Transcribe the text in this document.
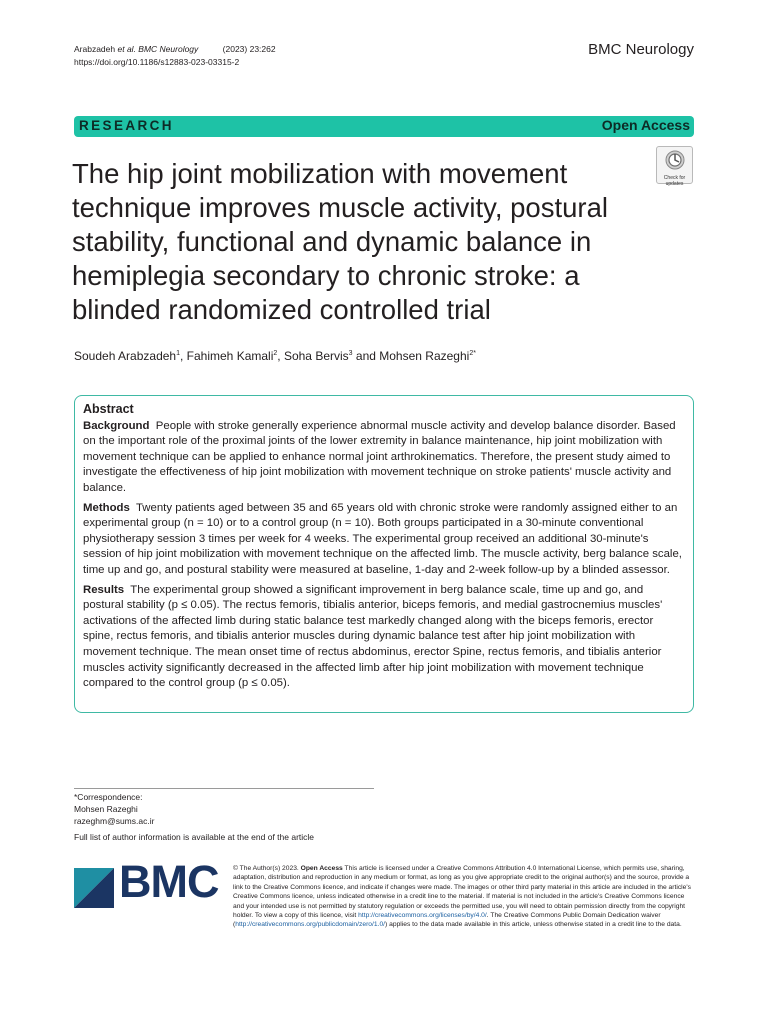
Arabzadeh et al. BMC Neurology	(2023) 23:262
https://doi.org/10.1186/s12883-023-03315-2
BMC Neurology
RESEARCH	Open Access
Check for
updates
The hip joint mobilization with movement technique improves muscle activity, postural stability, functional and dynamic balance in hemiplegia secondary to chronic stroke: a blinded randomized controlled trial
Soudeh Arabzadeh$^1$, Fahimeh Kamali$^2$, Soha Bervis$^3$ and Mohsen Razeghi$^{2*}$
Abstract

Background People with stroke generally experience abnormal muscle activity and develop balance disorder. Based on the important role of the proximal joints of the lower extremity in balance maintenance, hip joint mobilization with movement technique can be applied to enhance normal joint arthrokinematics. Therefore, the present study aimed to investigate the effectiveness of hip joint mobilization with movement technique on stroke patients' muscle activity and balance.

Methods Twenty patients aged between 35 and 65 years old with chronic stroke were randomly assigned either to an experimental group (n = 10) or to a control group (n = 10). Both groups participated in a 30-minute conventional physiotherapy session 3 times per week for 4 weeks. The experimental group received an additional 30-minute's session of hip joint mobilization with movement technique on the affected limb. The muscle activity, berg balance scale, time up and go, and postural stability were measured at baseline, 1-day and 2-week follow-up by a blinded assessor.

Results The experimental group showed a significant improvement in berg balance scale, time up and go, and postural stability (p ≤ 0.05). The rectus femoris, tibialis anterior, biceps femoris, and medial gastrocnemius muscles' activations of the affected limb during static balance test markedly changed along with the biceps femoris, erector spine, rectus femoris, and tibialis anterior muscles during dynamic balance test after hip joint mobilization with movement technique. The mean onset time of rectus abdominus, erector Spine, rectus femoris, and tibialis anterior muscles activity significantly decreased in the affected limb after hip joint mobilization with movement technique compared to the control group (p ≤ 0.05).

*Correspondence:
Mohsen Razeghi
razeghm@sums.ac.ir
Full list of author information is available at the end of the article
BMC © The Author(s) 2023. Open Access This article is licensed under a Creative Commons Attribution 4.0 International License, which permits use, sharing, adaptation, distribution and reproduction in any medium or format, as long as you give appropriate credit to the original author(s) and the source, provide a link to the Creative Commons licence, and indicate if changes were made. The images or other third party material in this article are included in the article's Creative Commons licence, unless indicated otherwise in a credit line to the material. If material is not included in the article's Creative Commons licence and your intended use is not permitted by statutory regulation or exceeds the permitted use, you will need to obtain permission directly from the copyright holder. To view a copy of this licence, visit http://creativecommons.org/licenses/by/4.0/. The Creative Commons Public Domain Dedication waiver (http://creativecommons.org/publicdomain/zero/1.0/) applies to the data made available in this article, unless otherwise stated in a credit line to the data.
